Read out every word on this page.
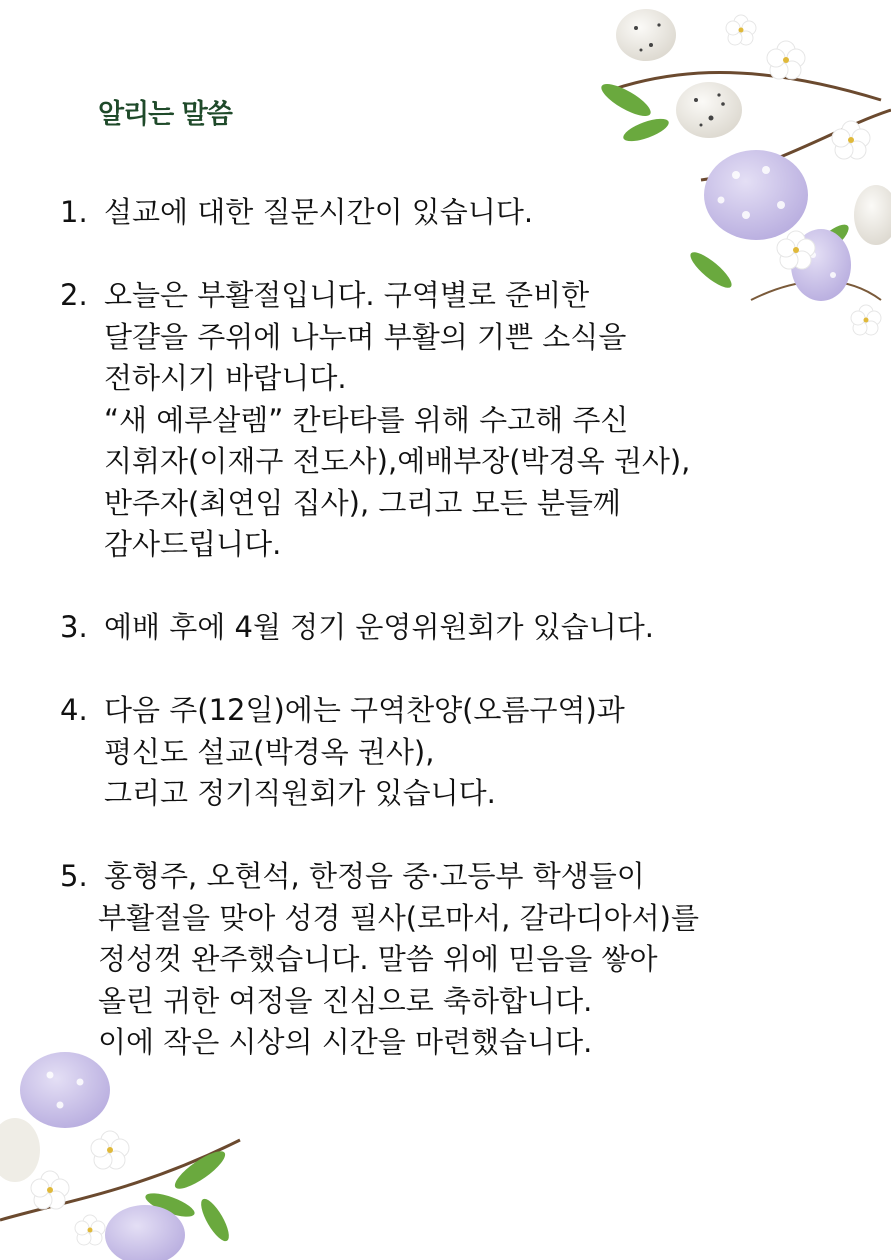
알리는 말씀
1. 설교에 대한 질문시간이 있습니다.
2. 오늘은 부활절입니다. 구역별로 준비한
달걀을 주위에 나누며 부활의 기쁜 소식을
전하시기 바랍니다.
“새 예루살렘” 칸타타를 위해 수고해 주신
지휘자(이재구 전도사),예배부장(박경옥 권사),
반주자(최연임 집사), 그리고 모든 분들께
감사드립니다.
3. 예배 후에 4월 정기 운영위원회가 있습니다.
4. 다음 주(12일)에는 구역찬양(오름구역)과
평신도 설교(박경옥 권사),
그리고 정기직원회가 있습니다.
5. 홍형주, 오현석, 한정음 중·고등부 학생들이
부활절을 맞아 성경 필사(로마서, 갈라디아서)를
정성껏 완주했습니다. 말씀 위에 믿음을 쌓아
올린 귀한 여정을 진심으로 축하합니다.
이에 작은 시상의 시간을 마련했습니다.
